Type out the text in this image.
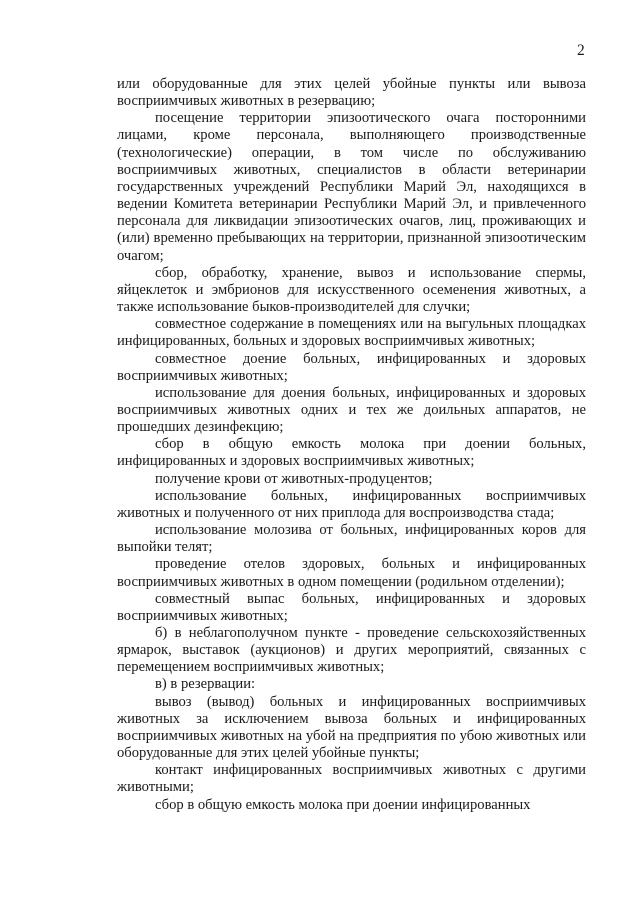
2

или оборудованные для этих целей убойные пункты или вывоза восприимчивых животных в резервацию;

посещение территории эпизоотического очага посторонними лицами, кроме персонала, выполняющего производственные (технологические) операции, в том числе по обслуживанию восприимчивых животных, специалистов в области ветеринарии государственных учреждений Республики Марий Эл, находящихся в ведении Комитета ветеринарии Республики Марий Эл, и привлеченного персонала для ликвидации эпизоотических очагов, лиц, проживающих и (или) временно пребывающих на территории, признанной эпизоотическим очагом;

сбор, обработку, хранение, вывоз и использование спермы, яйцеклеток и эмбрионов для искусственного осеменения животных, а также использование быков-производителей для случки;

совместное содержание в помещениях или на выгульных площадках инфицированных, больных и здоровых восприимчивых животных;

совместное доение больных, инфицированных и здоровых восприимчивых животных;

использование для доения больных, инфицированных и здоровых восприимчивых животных одних и тех же доильных аппаратов, не прошедших дезинфекцию;

сбор в общую емкость молока при доении больных, инфицированных и здоровых восприимчивых животных;

получение крови от животных-продуцентов;

использование больных, инфицированных восприимчивых животных и полученного от них приплода для воспроизводства стада;

использование молозива от больных, инфицированных коров для выпойки телят;

проведение отелов здоровых, больных и инфицированных восприимчивых животных в одном помещении (родильном отделении);

совместный выпас больных, инфицированных и здоровых восприимчивых животных;

б) в неблагополучном пункте - проведение сельскохозяйственных ярмарок, выставок (аукционов) и других мероприятий, связанных с перемещением восприимчивых животных;

в) в резервации:

вывоз (вывод) больных и инфицированных восприимчивых животных за исключением вывоза больных и инфицированных восприимчивых животных на убой на предприятия по убою животных или оборудованные для этих целей убойные пункты;

контакт инфицированных восприимчивых животных с другими животными;

сбор в общую емкость молока при доении инфицированных
